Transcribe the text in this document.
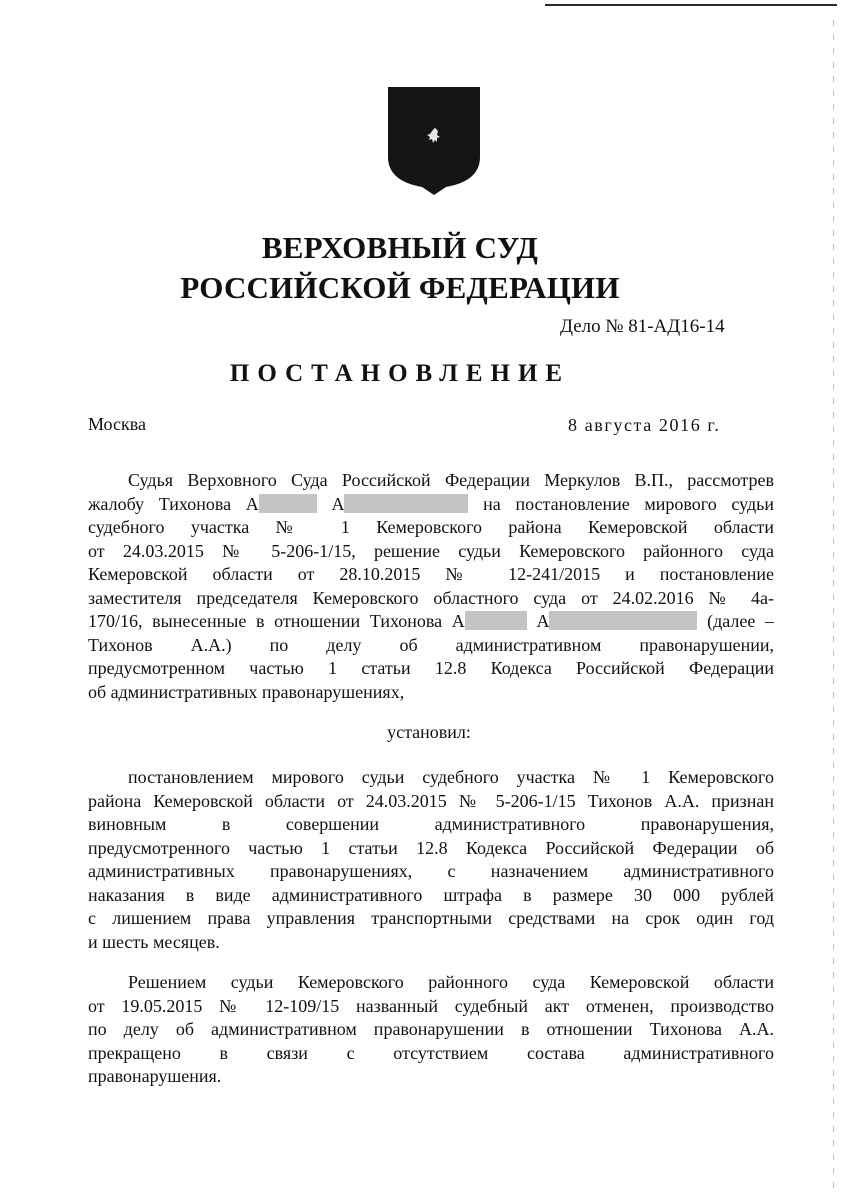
ВЕРХОВНЫЙ СУД
РОССИЙСКОЙ ФЕДЕРАЦИИ
Дело № 81-АД16-14
ПОСТАНОВЛЕНИЕ
Москва	8 августа 2016 г.
Судья Верховного Суда Российской Федерации Меркулов В.П., рассмотрев
жалобу Тихонова А	А	на постановление мирового судьи
судебного участка № 1 Кемеровского района Кемеровской области
от 24.03.2015 № 5-206-1/15, решение судьи Кемеровского районного суда
Кемеровской области от 28.10.2015 № 12-241/2015 и постановление
заместителя председателя Кемеровского областного суда от 24.02.2016 № 4а-
170/16, вынесенные в отношении Тихонова А	А	(далее –
Тихонов А.А.) по делу об административном правонарушении,
предусмотренном частью 1 статьи 12.8 Кодекса Российской Федерации
об административных правонарушениях,
установил:
постановлением мирового судьи судебного участка № 1 Кемеровского
района Кемеровской области от 24.03.2015 № 5-206-1/15 Тихонов А.А. признан
виновным в совершении административного правонарушения,
предусмотренного частью 1 статьи 12.8 Кодекса Российской Федерации об
административных правонарушениях, с назначением административного
наказания в виде административного штрафа в размере 30 000 рублей
с лишением права управления транспортными средствами на срок один год
и шесть месяцев.
Решением судьи Кемеровского районного суда Кемеровской области
от 19.05.2015 № 12-109/15 названный судебный акт отменен, производство
по делу об административном правонарушении в отношении Тихонова А.А.
прекращено в связи с отсутствием состава административного
правонарушения.
